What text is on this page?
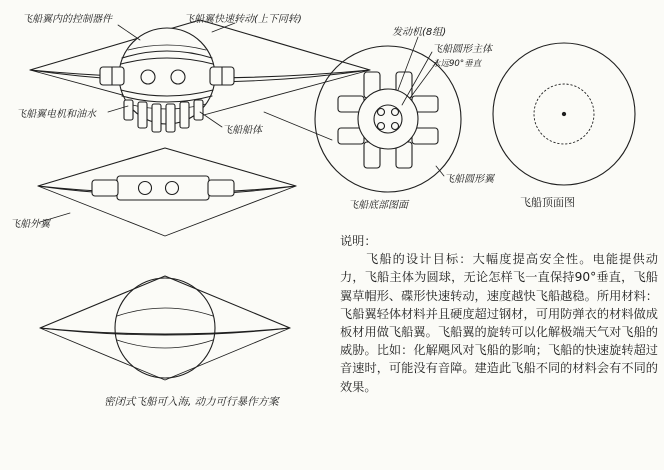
飞船翼内的控制器件	飞船翼快速转动(上下同转)
飞船翼电机和油水
飞船船体
发动机(8组)
飞船圆形主体
永远90°垂直
飞船圆形翼
飞船外翼
飞船底部图面	飞船顶面图
密闭式飞船可入海, 动力可行暴作方案
说明：
飞船的设计目标：大幅度提高安全性。电能提供动力，飞船主体为圆球，无论怎样飞一直保持90°垂直，飞船翼草帽形、碟形快速转动，速度越快飞船越稳。所用材料：飞船翼轻体材料并且硬度超过钢材，可用防弹衣的材料做成板材用做飞船翼。飞船翼的旋转可以化解极端天气对飞船的威胁。比如：化解飓风对飞船的影响；飞船的快速旋转超过音速时，可能没有音障。建造此飞船不同的材料会有不同的效果。
